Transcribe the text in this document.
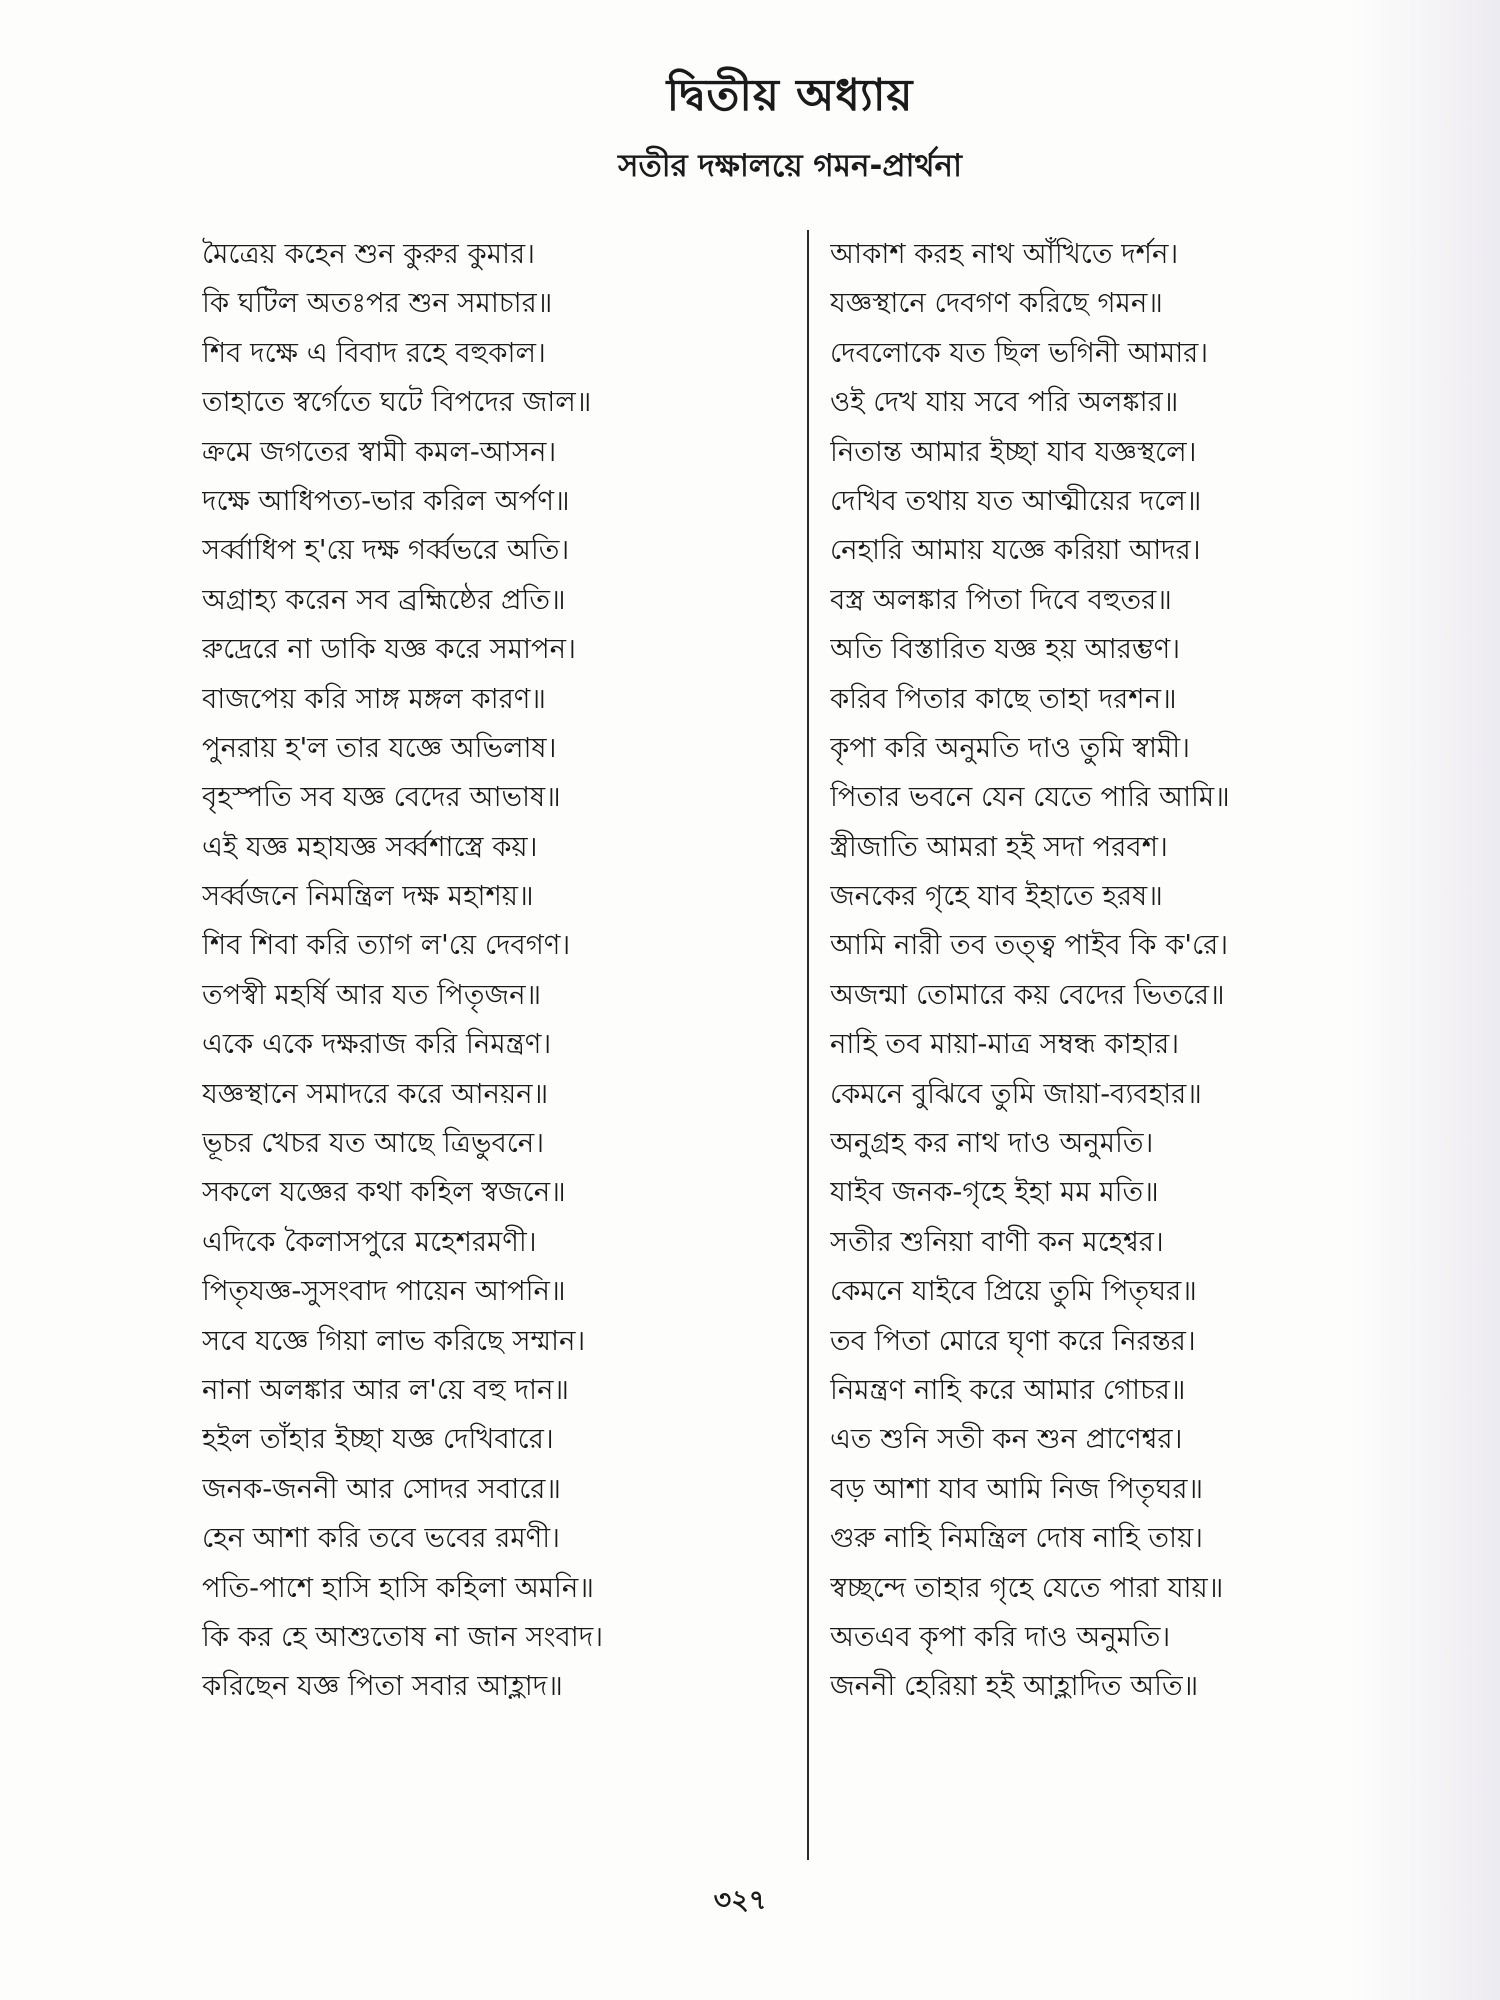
দ্বিতীয় অধ্যায়
সতীর দক্ষালয়ে গমন-প্রার্থনা
মৈত্রেয় কহেন শুন কুরুর কুমার।
কি ঘটিল অতঃপর শুন সমাচার॥
শিব দক্ষে এ বিবাদ রহে বহুকাল।
তাহাতে স্বর্গেতে ঘটে বিপদের জাল॥
ক্রমে জগতের স্বামী কমল-আসন।
দক্ষে আধিপত্য-ভার করিল অর্পণ॥
সর্ব্বাধিপ হ'য়ে দক্ষ গর্ব্বভরে অতি।
অগ্রাহ্য করেন সব ব্রহ্মিষ্ঠের প্রতি॥
রুদ্রেরে না ডাকি যজ্ঞ করে সমাপন।
বাজপেয় করি সাঙ্গ মঙ্গল কারণ॥
পুনরায় হ'ল তার যজ্ঞে অভিলাষ।
বৃহস্পতি সব যজ্ঞ বেদের আভাষ॥
এই যজ্ঞ মহাযজ্ঞ সর্ব্বশাস্ত্রে কয়।
সর্ব্বজনে নিমন্ত্রিল দক্ষ মহাশয়॥
শিব শিবা করি ত্যাগ ল'য়ে দেবগণ।
তপস্বী মহর্ষি আর যত পিতৃজন॥
একে একে দক্ষরাজ করি নিমন্ত্রণ।
যজ্ঞস্থানে সমাদরে করে আনয়ন॥
ভূচর খেচর যত আছে ত্রিভুবনে।
সকলে যজ্ঞের কথা কহিল স্বজনে॥
এদিকে কৈলাসপুরে মহেশরমণী।
পিতৃযজ্ঞ-সুসংবাদ পায়েন আপনি॥
সবে যজ্ঞে গিয়া লাভ করিছে সম্মান।
নানা অলঙ্কার আর ল'য়ে বহু দান॥
হইল তাঁহার ইচ্ছা যজ্ঞ দেখিবারে।
জনক-জননী আর সোদর সবারে॥
হেন আশা করি তবে ভবের রমণী।
পতি-পাশে হাসি হাসি কহিলা অমনি॥
কি কর হে আশুতোষ না জান সংবাদ।
করিছেন যজ্ঞ পিতা সবার আহ্লাদ॥
আকাশ করহ নাথ আঁখিতে দর্শন।
যজ্ঞস্থানে দেবগণ করিছে গমন॥
দেবলোকে যত ছিল ভগিনী আমার।
ওই দেখ যায় সবে পরি অলঙ্কার॥
নিতান্ত আমার ইচ্ছা যাব যজ্ঞস্থলে।
দেখিব তথায় যত আত্মীয়ের দলে॥
নেহারি আমায় যজ্ঞে করিয়া আদর।
বস্ত্র অলঙ্কার পিতা দিবে বহুতর॥
অতি বিস্তারিত যজ্ঞ হয় আরম্ভণ।
করিব পিতার কাছে তাহা দরশন॥
কৃপা করি অনুমতি দাও তুমি স্বামী।
পিতার ভবনে যেন যেতে পারি আমি॥
স্ত্রীজাতি আমরা হই সদা পরবশ।
জনকের গৃহে যাব ইহাতে হরষ॥
আমি নারী তব তত্ত্ব পাইব কি ক'রে।
অজন্মা তোমারে কয় বেদের ভিতরে॥
নাহি তব মায়া-মাত্র সম্বন্ধ কাহার।
কেমনে বুঝিবে তুমি জায়া-ব্যবহার॥
অনুগ্রহ কর নাথ দাও অনুমতি।
যাইব জনক-গৃহে ইহা মম মতি॥
সতীর শুনিয়া বাণী কন মহেশ্বর।
কেমনে যাইবে প্রিয়ে তুমি পিতৃঘর॥
তব পিতা মোরে ঘৃণা করে নিরন্তর।
নিমন্ত্রণ নাহি করে আমার গোচর॥
এত শুনি সতী কন শুন প্রাণেশ্বর।
বড় আশা যাব আমি নিজ পিতৃঘর॥
গুরু নাহি নিমন্ত্রিল দোষ নাহি তায়।
স্বচ্ছন্দে তাহার গৃহে যেতে পারা যায়॥
অতএব কৃপা করি দাও অনুমতি।
জননী হেরিয়া হই আহ্লাদিত অতি॥
৩২৭
